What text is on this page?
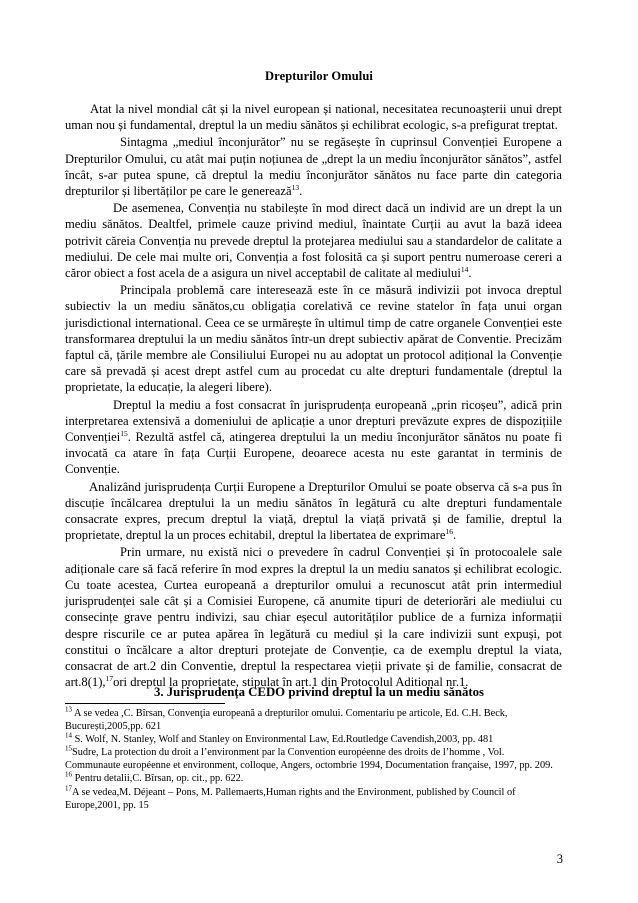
Drepturilor Omului

Atat la nivel mondial cât și la nivel european și national, necesitatea recunoașterii unui drept uman nou și fundamental, dreptul la un mediu sănătos și echilibrat ecologic, s-a prefigurat treptat.

Sintagma „mediul înconjurător” nu se regăsește în cuprinsul Convenției Europene a Drepturilor Omului, cu atât mai puțin noțiunea de „drept la un mediu înconjurător sănătos”, astfel încât, s-ar putea spune, că dreptul la mediu înconjurător sănătos nu face parte din categoria drepturilor și libertăților pe care le generează$^{13}$.

De asemenea, Convenția nu stabilește în mod direct dacă un individ are un drept la un mediu sănătos. Dealtfel, primele cauze privind mediul, înaintate Curții au avut la bază ideea potrivit căreia Convenția nu prevede dreptul la protejarea mediului sau a standardelor de calitate a mediului. De cele mai multe ori, Convenția a fost folosită ca și suport pentru numeroase cereri a căror obiect a fost acela de a asigura un nivel acceptabil de calitate al mediului$^{14}$.

Principala problemă care interesează este în ce măsură indivizii pot invoca dreptul subiectiv la un mediu sănătos,cu obligația corelativă ce revine statelor în fața unui organ jurisdictional international. Ceea ce se urmărește în ultimul timp de catre organele Convenției este transformarea dreptului la un mediu sănătos într-un drept subiectiv apărat de Conventie. Precizăm faptul că, țările membre ale Consiliului Europei nu au adoptat un protocol adițional la Convenție care să prevadă și acest drept astfel cum au procedat cu alte drepturi fundamentale (dreptul la proprietate, la educație, la alegeri libere).

Dreptul la mediu a fost consacrat în jurisprudența europeană „prin ricoșeu”, adică prin interpretarea extensivă a domeniului de aplicație a unor drepturi prevăzute expres de dispozițiile Convenției$^{15}$. Rezultă astfel că, atingerea dreptului la un mediu înconjurător sănătos nu poate fi invocată ca atare în fața Curții Europene, deoarece acesta nu este garantat in terminis de Convenție.

Analizând jurisprudența Curții Europene a Drepturilor Omului se poate observa că s-a pus în discuție încălcarea dreptului la un mediu sănătos în legătură cu alte drepturi fundamentale consacrate expres, precum dreptul la viață, dreptul la viață privată și de familie, dreptul la proprietate, dreptul la un proces echitabil, dreptul la libertatea de exprimare$^{16}$.

Prin urmare, nu există nici o prevedere în cadrul Convenției și în protocoalele sale adiționale care să facă referire în mod expres la dreptul la un mediu sanatos și echilibrat ecologic. Cu toate acestea, Curtea europeană a drepturilor omului a recunoscut atât prin intermediul jurisprudenței sale cât și a Comisiei Europene, că anumite tipuri de deteriorări ale mediului cu consecințe grave pentru indivizi, sau chiar eșecul autorităților publice de a furniza informații despre riscurile ce ar putea apărea în legătură cu mediul și la care indivizii sunt expuși, pot constitui o încălcare a altor drepturi protejate de Convenție, ca de exemplu dreptul la viata, consacrat de art.2 din Conventie, dreptul la respectarea vieții private și de familie, consacrat de art.8(1),$^{17}$ori dreptul la proprietate, stipulat în art.1 din Protocolul Aditional nr.1.

3. Jurisprudența CEDO privind dreptul la un mediu sănătos

$^{13}$ A se vedea ,C. Bîrsan, Convenţia europeană a drepturilor omului. Comentariu pe articole, Ed. C.H. Beck, București,2005,pp. 621

$^{14}$ S. Wolf, N. Stanley, Wolf and Stanley on Environmental Law, Ed.Routledge Cavendish,2003, pp. 481

$^{15}$Sudre, La protection du droit a l’environment par la Convention européenne des droits de l’homme , Vol. Communaute européenne et environment, colloque, Angers, octombrie 1994, Documentation française, 1997, pp. 209.

$^{16}$ Pentru detalii,C. Bîrsan, op. cit., pp. 622.

$^{17}$A se vedea,M. Déjeant – Pons, M. Pallemaerts,Human rights and the Environment, published by Council of Europe,2001, pp. 15

3
